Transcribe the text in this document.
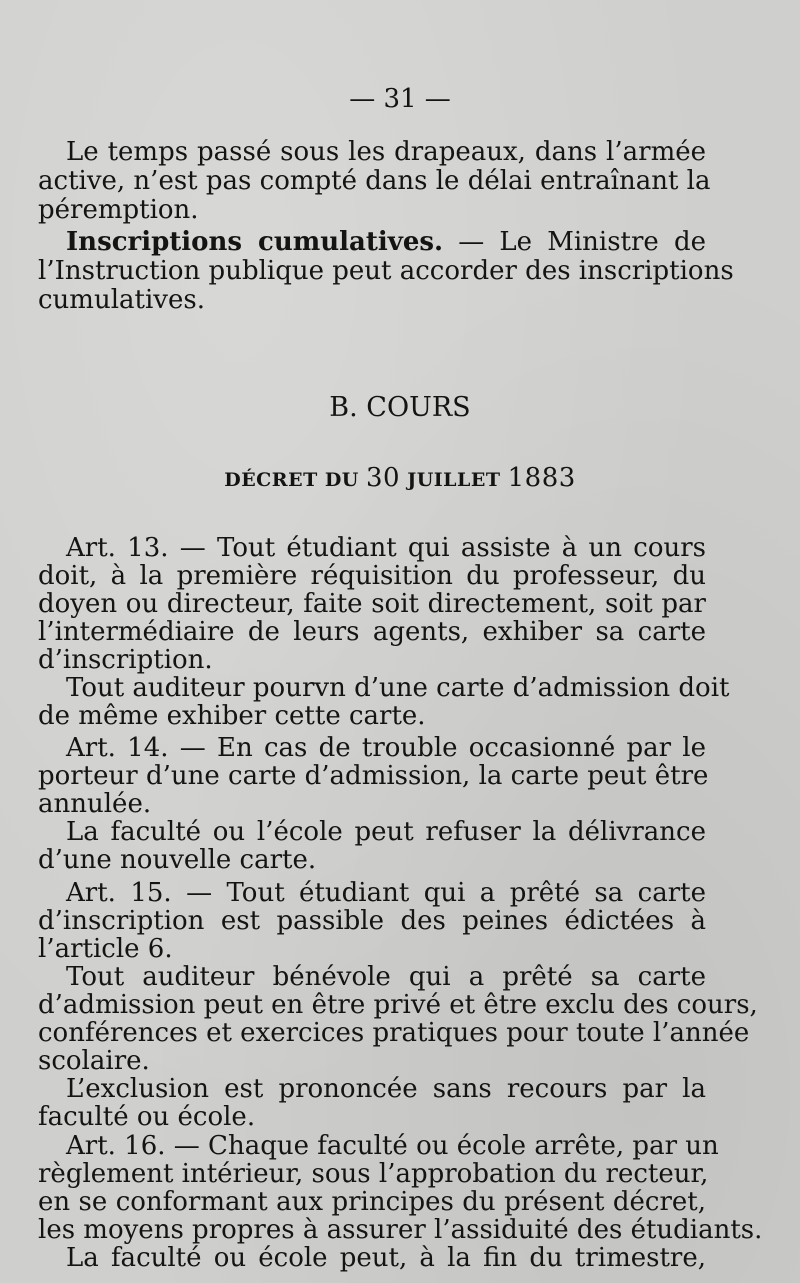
— 31 —
Le temps passé sous les drapeaux, dans l’armée
active, n’est pas compté dans le délai entraînant la
péremption.
Inscriptions cumulatives. — Le Ministre de
l’Instruction publique peut accorder des inscriptions
cumulatives.
B. COURS
DÉCRET DU 30 JUILLET 1883
Art. 13. — Tout étudiant qui assiste à un cours
doit, à la première réquisition du professeur, du
doyen ou directeur, faite soit directement, soit par
l’intermédiaire de leurs agents, exhiber sa carte
d’inscription.
Tout auditeur pourvn d’une carte d’admission doit
de même exhiber cette carte.
Art. 14. — En cas de trouble occasionné par le
porteur d’une carte d’admission, la carte peut être
annulée.
La faculté ou l’école peut refuser la délivrance
d’une nouvelle carte.
Art. 15. — Tout étudiant qui a prêté sa carte
d’inscription est passible des peines édictées à
l’article 6.
Tout auditeur bénévole qui a prêté sa carte
d’admission peut en être privé et être exclu des cours,
conférences et exercices pratiques pour toute l’année
scolaire.
L’exclusion est prononcée sans recours par la
faculté ou école.
Art. 16. — Chaque faculté ou école arrête, par un
règlement intérieur, sous l’approbation du recteur,
en se conformant aux principes du présent décret,
les moyens propres à assurer l’assiduité des étudiants.
La faculté ou école peut, à la fin du trimestre,
